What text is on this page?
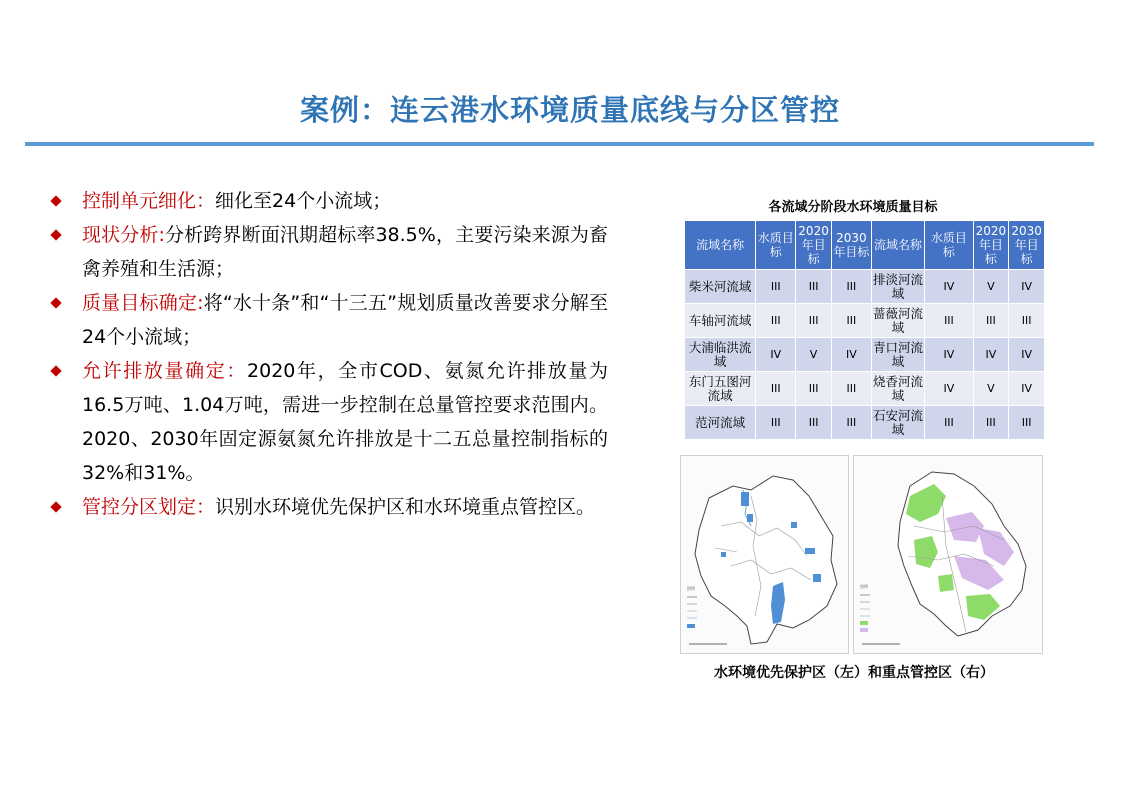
案例：连云港水环境质量底线与分区管控
控制单元细化：细化至24个小流域；
现状分析:分析跨界断面汛期超标率38.5%，主要污染来源为畜禽养殖和生活源；
质量目标确定:将“水十条”和“十三五”规划质量改善要求分解至24个小流域；
允许排放量确定：2020年，全市COD、氨氮允许排放量为16.5万吨、1.04万吨，需进一步控制在总量管控要求范围内。2020、2030年固定源氨氮允许排放是十二五总量控制指标的32%和31%。
管控分区划定：识别水环境优先保护区和水环境重点管控区。
各流域分阶段水环境质量目标
流域名称	水质目标	2020年目标	2030年目标	流域名称	水质目标	2020年目标	2030年目标
柴米河流域	III	III	III	排淡河流域	IV	V	IV
车轴河流域	III	III	III	蔷薇河流域	III	III	III
大浦临洪流域	IV	V	IV	青口河流域	IV	IV	IV
东门五图河流域	III	III	III	烧香河流域	IV	V	IV
范河流域	III	III	III	石安河流域	III	III	III
图例	图例
水环境优先保护区（左）和重点管控区（右）
